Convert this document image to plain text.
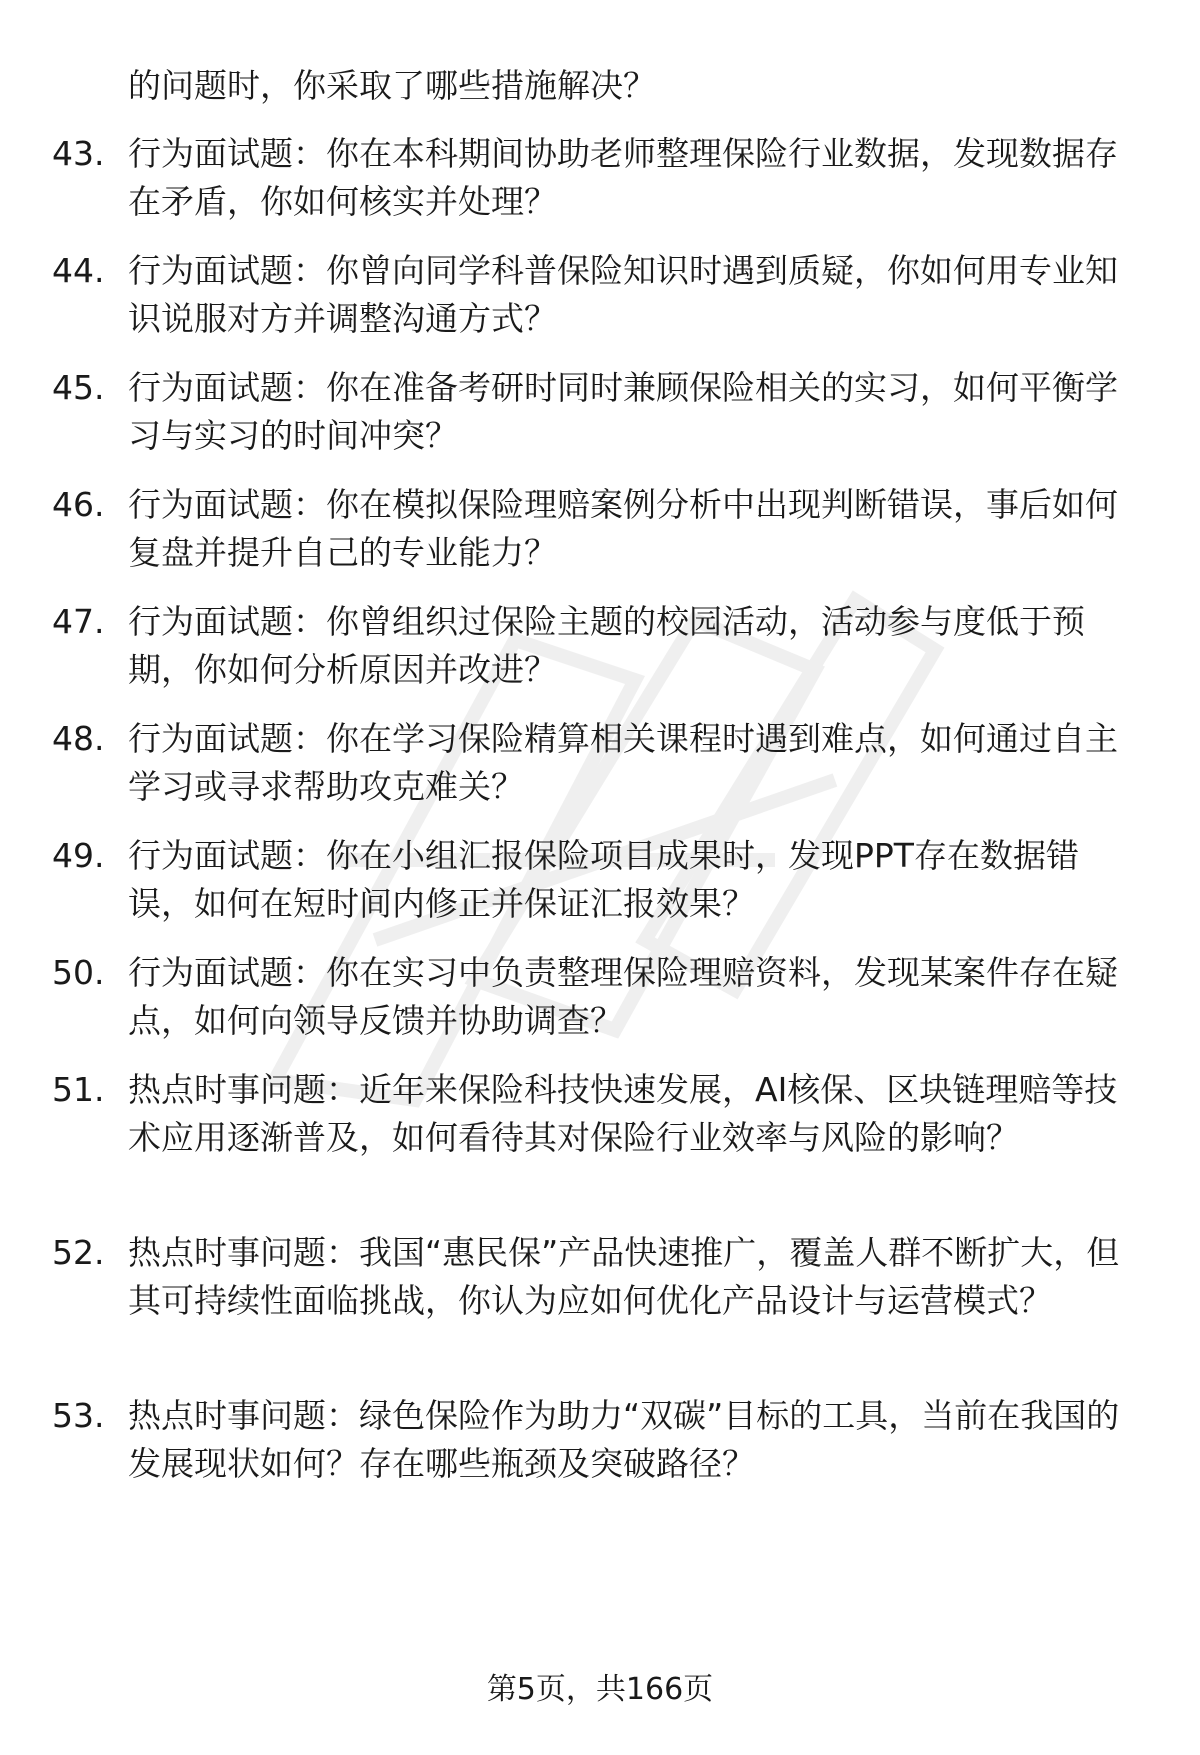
的问题时，你采取了哪些措施解决？

43. 行为面试题：你在本科期间协助老师整理保险行业数据，发现数据存在矛盾，你如何核实并处理？
44. 行为面试题：你曾向同学科普保险知识时遇到质疑，你如何用专业知识说服对方并调整沟通方式？
45. 行为面试题：你在准备考研时同时兼顾保险相关的实习，如何平衡学习与实习的时间冲突？
46. 行为面试题：你在模拟保险理赔案例分析中出现判断错误，事后如何复盘并提升自己的专业能力？
47. 行为面试题：你曾组织过保险主题的校园活动，活动参与度低于预期，你如何分析原因并改进？
48. 行为面试题：你在学习保险精算相关课程时遇到难点，如何通过自主学习或寻求帮助攻克难关？
49. 行为面试题：你在小组汇报保险项目成果时，发现PPT存在数据错误，如何在短时间内修正并保证汇报效果？
50. 行为面试题：你在实习中负责整理保险理赔资料，发现某案件存在疑点，如何向领导反馈并协助调查？
51. 热点时事问题：近年来保险科技快速发展，AI核保、区块链理赔等技术应用逐渐普及，如何看待其对保险行业效率与风险的影响？
52. 热点时事问题：我国“惠民保”产品快速推广，覆盖人群不断扩大，但其可持续性面临挑战，你认为应如何优化产品设计与运营模式？
53. 热点时事问题：绿色保险作为助力“双碳”目标的工具，当前在我国的发展现状如何？存在哪些瓶颈及突破路径？
第5页，共166页
